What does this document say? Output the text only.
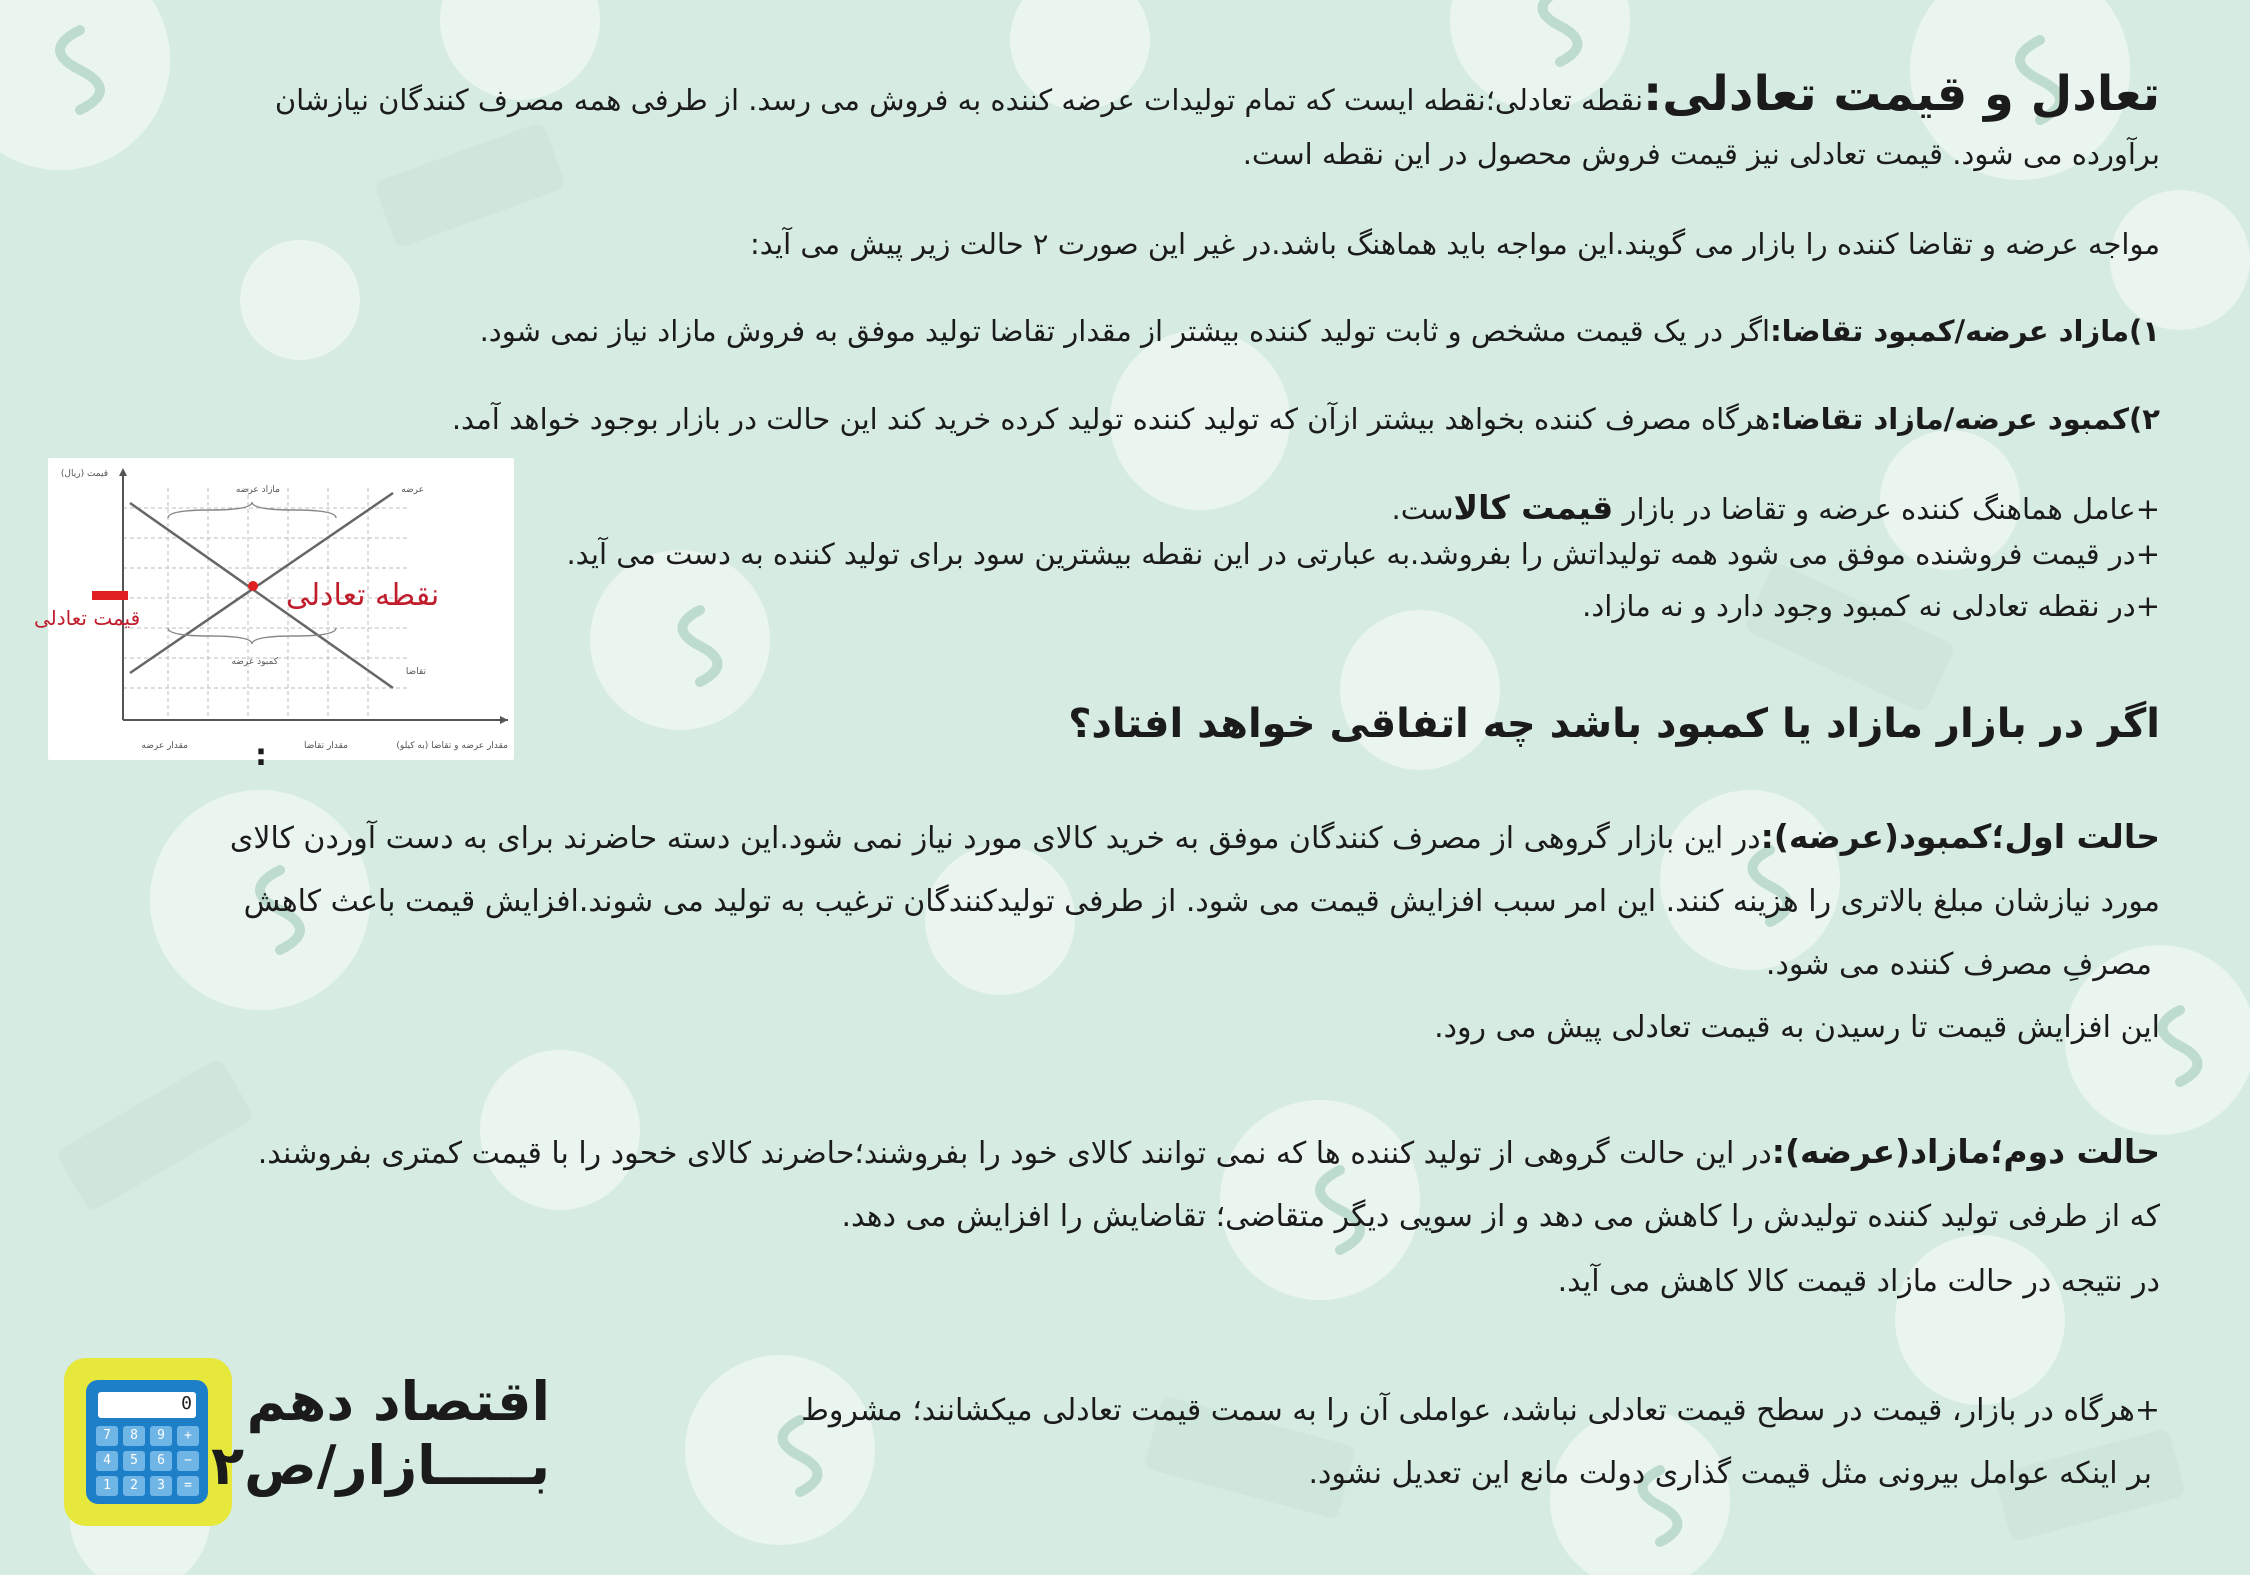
تعادل و قیمت تعادلی:نقطه تعادلی؛نقطه ایست که تمام تولیدات عرضه کننده به فروش می رسد. از طرفی همه مصرف کنندگان نیازشان
برآورده می شود. قیمت تعادلی نیز قیمت فروش محصول در این نقطه است.
مواجه عرضه و تقاضا کننده را بازار می گویند.این مواجه باید هماهنگ باشد.در غیر این صورت ۲ حالت زیر پیش می آید:
۱)مازاد عرضه/کمبود تقاضا:اگر در یک قیمت مشخص و ثابت تولید کننده بیشتر از مقدار تقاضا تولید موفق به فروش مازاد نیاز نمی شود.
۲)کمبود عرضه/مازاد تقاضا:هرگاه مصرف کننده بخواهد بیشتر ازآن که تولید کننده تولید کرده خرید کند این حالت در بازار بوجود خواهد آمد.
+عامل هماهنگ کننده عرضه و تقاضا در بازار قیمت کالاست.
+در قیمت فروشنده موفق می شود همه تولیداتش را بفروشد.به عبارتی در این نقطه بیشترین سود برای تولید کننده به دست می آید.
+در نقطه تعادلی نه کمبود وجود دارد و نه مازاد.
قیمت (ریال)
عرضه
تقاضا
مازاد عرضه
کمبود عرضه
مقدار عرضه و تقاضا (به کیلو)
مقدار عرضه	مقدار تقاضا
نقطه تعادلی
قیمت تعادلی
:
اگر در بازار مازاد یا کمبود باشد چه اتفاقی خواهد افتاد؟
حالت اول؛کمبود(عرضه):در این بازار گروهی از مصرف کنندگان موفق به خرید کالای مورد نیاز نمی شود.این دسته حاضرند برای به دست آوردن کالای
مورد نیازشان مبلغ بالاتری را هزینه کنند. این امر سبب افزایش قیمت می شود. از طرفی تولیدکنندگان ترغیب به تولید می شوند.افزایش قیمت باعث کاهش
مصرفِ مصرف کننده می شود.
این افزایش قیمت تا رسیدن به قیمت تعادلی پیش می رود.
حالت دوم؛مازاد(عرضه):در این حالت گروهی از تولید کننده ها که نمی توانند کالای خود را بفروشند؛حاضرند کالای خحود را با قیمت کمتری بفروشند.
که از طرفی تولید کننده تولیدش را کاهش می دهد و از سویی دیگر متقاضی؛ تقاضایش را افزایش می دهد.
در نتیجه در حالت مازاد قیمت کالا کاهش می آید.
+هرگاه در بازار، قیمت در سطح قیمت تعادلی نباشد، عواملی آن را به سمت قیمت تعادلی میکشانند؛ مشروط
بر اینکه عوامل بیرونی مثل قیمت گذاری دولت مانع این تعدیل نشود.
0
7	8	9	+
4	5	6	−
1	2	3	=
اقتصاد دهم
بـــــازار/ص۲
